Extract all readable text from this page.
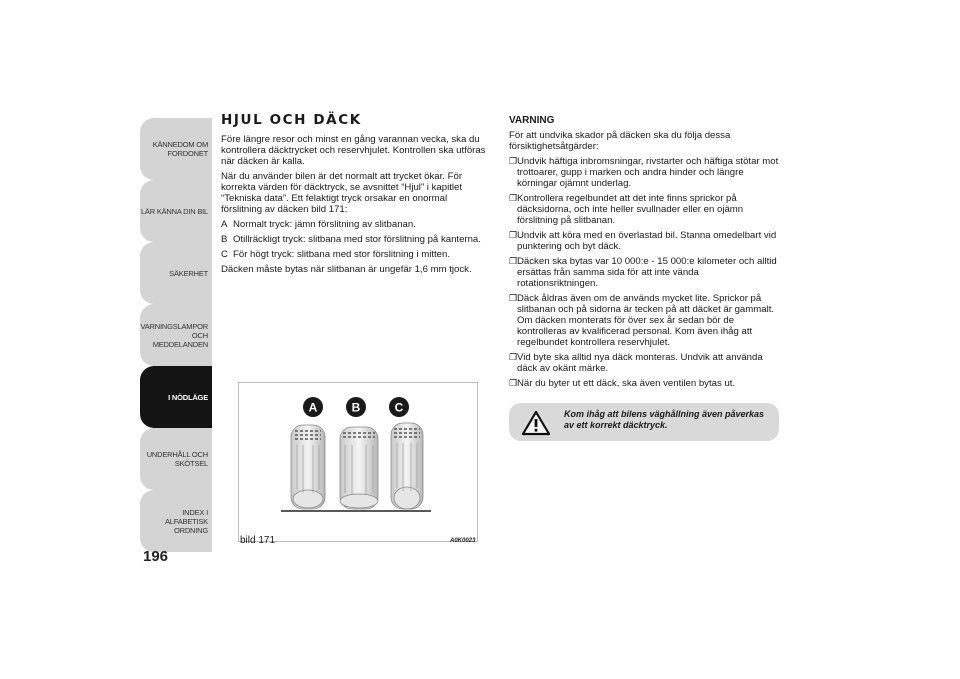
KÄNNEDOM OM
FORDONET
LÄR KÄNNA DIN BIL
SÄKERHET
VARNINGSLAMPOR
OCH MEDDELANDEN
I NÖDLÄGE
UNDERHÅLL OCH
SKÖTSEL
INDEX I ALFABETISK
ORDNING
196
HJUL OCH DÄCK

Före längre resor och minst en gång varannan vecka, ska du kontrollera däcktrycket och reservhjulet. Kontrollen ska utföras när däcken är kalla.

När du använder bilen är det normalt att trycket ökar. För korrekta värden för däcktryck, se avsnittet “Hjul” i kapitlet “Tekniska data”. Ett felaktigt tryck orsakar en onormal förslitning av däcken bild 171:

A Normalt tryck: jämn förslitning av slitbanan.
B Otillräckligt tryck: slitbana med stor förslitning på kanterna.
C För högt tryck: slitbana med stor förslitning i mitten.

Däcken måste bytas när slitbanan är ungefär 1,6 mm tjock.

A	B	C
bild 171	A0K0023
VARNING

För att undvika skador på däcken ska du följa dessa försiktighetsåtgärder:

❐ Undvik häftiga inbromsningar, rivstarter och häftiga stötar mot trottoarer, gupp i marken och andra hinder och längre körningar ojämnt underlag.
❐ Kontrollera regelbundet att det inte finns sprickor på däcksidorna, och inte heller svullnader eller en ojämn förslitning på slitbanan.
❐ Undvik att köra med en överlastad bil. Stanna omedelbart vid punktering och byt däck.
❐ Däcken ska bytas var 10 000:e - 15 000:e kilometer och alltid ersättas från samma sida för att inte vända rotationsriktningen.
❐ Däck åldras även om de används mycket lite. Sprickor på slitbanan och på sidorna är tecken på att däcket är gammalt. Om däcken monterats för över sex år sedan bör de kontrolleras av kvalificerad personal. Kom även ihåg att regelbundet kontrollera reservhjulet.
❐ Vid byte ska alltid nya däck monteras. Undvik att använda däck av okänt märke.
❐ När du byter ut ett däck, ska även ventilen bytas ut.
Kom ihåg att bilens väghållning även påverkas av ett korrekt däcktryck.
